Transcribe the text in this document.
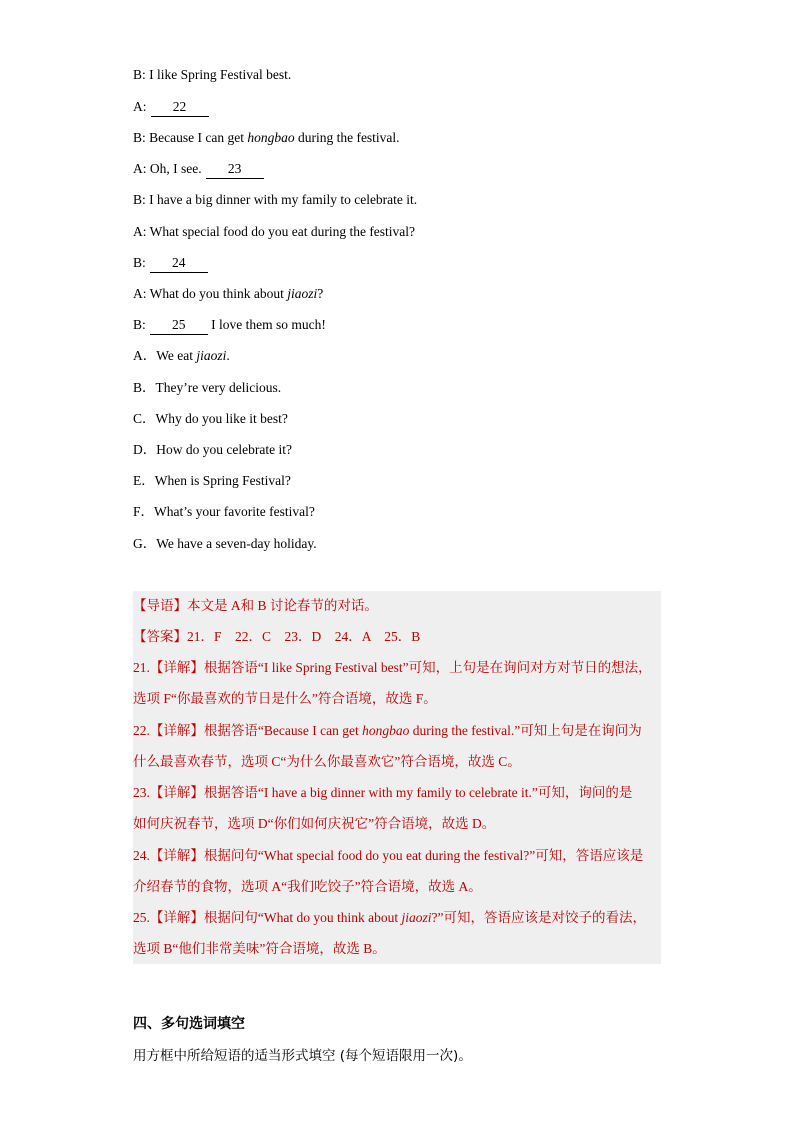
B: I like Spring Festival best.
A: 22
B: Because I can get hongbao during the festival.
A: Oh, I see. 23
B: I have a big dinner with my family to celebrate it.
A: What special food do you eat during the festival?
B: 24
A: What do you think about jiaozi?
B: 25 I love them so much!
A．We eat jiaozi.
B．They’re very delicious.
C．Why do you like it best?
D．How do you celebrate it?
E．When is Spring Festival?
F．What’s your favorite festival?
G．We have a seven-day holiday.
【导语】本文是 A和 B 讨论春节的对话。
【答案】21．F　22．C　23．D　24．A　25．B
21.【详解】根据答语“I like Spring Festival best”可知，上句是在询问对方对节日的想法，
选项 F“你最喜欢的节日是什么”符合语境，故选 F。
22.【详解】根据答语“Because I can get hongbao during the festival.”可知上句是在询问为
什么最喜欢春节，选项 C“为什么你最喜欢它”符合语境，故选 C。
23.【详解】根据答语“I have a big dinner with my family to celebrate it.”可知，询问的是
如何庆祝春节，选项 D“你们如何庆祝它”符合语境，故选 D。
24.【详解】根据问句“What special food do you eat during the festival?”可知，答语应该是
介绍春节的食物，选项 A“我们吃饺子”符合语境，故选 A。
25.【详解】根据问句“What do you think about jiaozi?”可知，答语应该是对饺子的看法，
选项 B“他们非常美味”符合语境，故选 B。
四、多句选词填空
用方框中所给短语的适当形式填空 (每个短语限用一次)。
